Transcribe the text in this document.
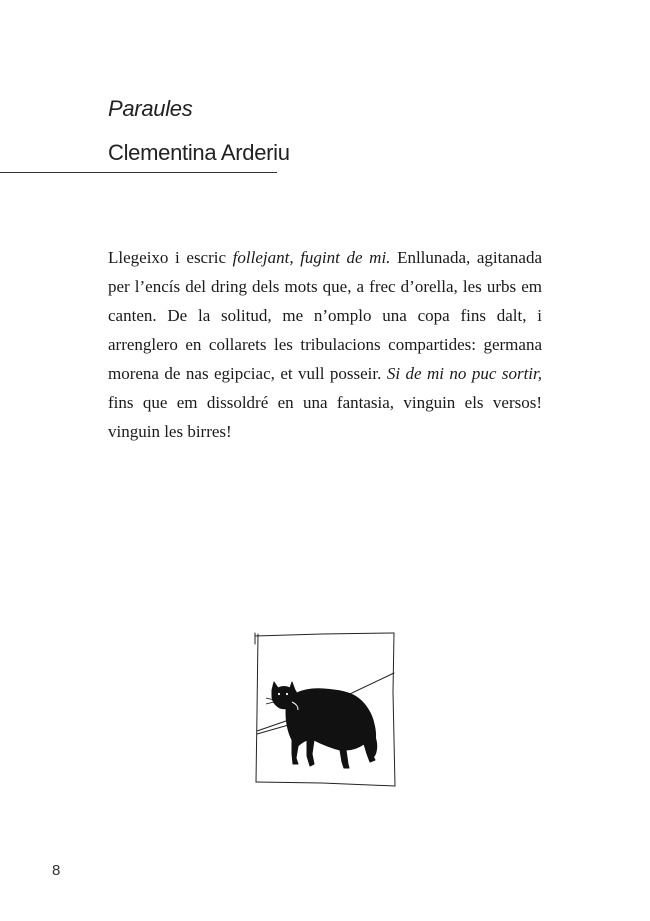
Paraules
Clementina Arderiu
Llegeixo i escric follejant, fugint de mi. Enllunada, agitanada per l’encís del dring dels mots que, a frec d’orella, les urbs em canten. De la solitud, me n’omplo una copa fins dalt, i arrenglero en collarets les tribulacions compartides: germana morena de nas egipciac, et vull posseir. Si de mi no puc sortir, fins que em dissoldré en una fantasia, vinguin els versos! vinguin les birres!
8
